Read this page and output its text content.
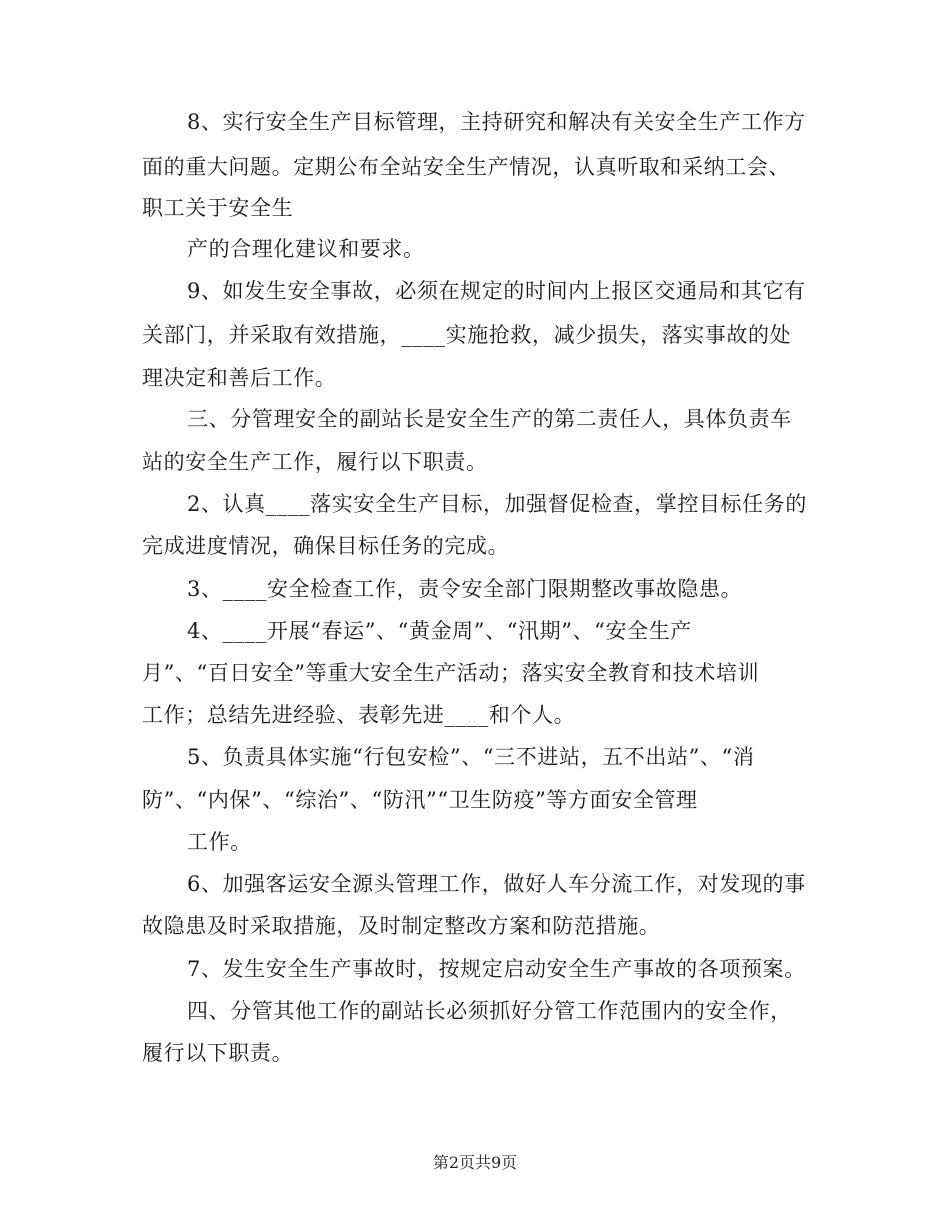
8、实行安全生产目标管理，主持研究和解决有关安全生产工作方
面的重大问题。定期公布全站安全生产情况，认真听取和采纳工会、
职工关于安全生
产的合理化建议和要求。
9、如发生安全事故，必须在规定的时间内上报区交通局和其它有
关部门，并采取有效措施，____实施抢救，减少损失，落实事故的处
理决定和善后工作。
三、分管理安全的副站长是安全生产的第二责任人，具体负责车
站的安全生产工作，履行以下职责。
2、认真____落实安全生产目标，加强督促检查，掌控目标任务的
完成进度情况，确保目标任务的完成。
3、____安全检查工作，责令安全部门限期整改事故隐患。
4、____开展“春运”、“黄金周”、“汛期”、“安全生产
月”、“百日安全”等重大安全生产活动；落实安全教育和技术培训
工作；总结先进经验、表彰先进____和个人。
5、负责具体实施“行包安检”、“三不进站，五不出站”、“消
防”、“内保”、“综治”、“防汛”“卫生防疫”等方面安全管理
工作。
6、加强客运安全源头管理工作，做好人车分流工作，对发现的事
故隐患及时采取措施，及时制定整改方案和防范措施。
7、发生安全生产事故时，按规定启动安全生产事故的各项预案。
四、分管其他工作的副站长必须抓好分管工作范围内的安全作，
履行以下职责。
第2页共9页
